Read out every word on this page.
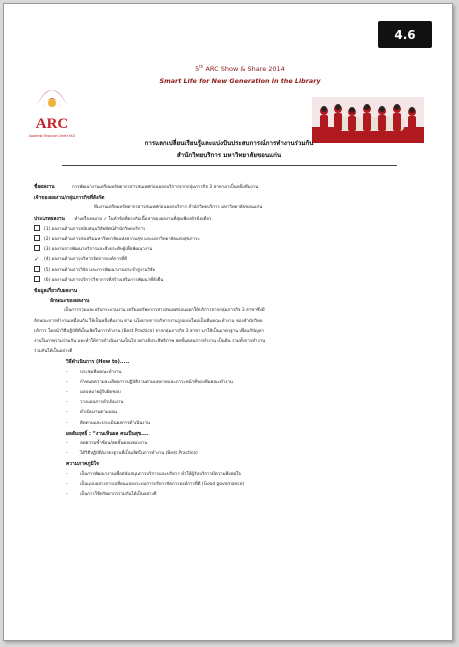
4.6
ARC
Academic Resource Center KKU
5th ARC Show & Share 2014
Smart Life for New Generation in the Library
การแลกเปลี่ยนเรียนรู้และแบ่งปันประสบการณ์การทำงานร่วมกัน
สำนักวิทยบริการ มหาวิทยาลัยขอนแก่น
ชื่อผลงาน	การพัฒนางานเตรียมทรัพยากรสารสนเทศก่อนออกบริการจากกลุ่มภารกิจ 3 สาขามาเป็นหนึ่งทีมงาน
เจ้าของผลงาน/กลุ่มภารกิจที่สังกัด
ทีมงานเตรียมทรัพยากรสารสนเทศก่อนออกบริการ สำนักวิทยบริการ มหาวิทยาลัยขอนแก่น
ประเภทผลงาน ทำเครื่องหมาย ✓ ในหัวข้อที่ตรงกับเนื้อหาของผลงานที่สุดเพียงหัวข้อเดียว
(1) ผลงานด้านการสนับสนุนวิสัยทัศน์สำนักวิทยบริการ
(2) ผลงานด้านการส่งเสริมมหาวิทยาลัยแห่งความสุข และมหาวิทยาลัยแห่งสุขภาวะ
(3) ผลงานการพัฒนาบริการและสิ่งประดิษฐ์เพื่อพัฒนางาน
✓ (4) ผลงานด้านการบริหารจัดการองค์การที่ดี
(5) ผลงานด้านการวิจัย และการพัฒนางานประจำสู่งานวิจัย
(6) ผลงานด้านการบริการวิชาการที่สร้างเสริมการพัฒนาที่ยั่งยืน
ข้อมูลเกี่ยวกับผลงาน
ลักษณะของผลงาน
เป็นการรวมและปรับกระบวนงาน เตรียมทรัพยากรสารสนเทศก่อนออกให้บริการจากกลุ่มภารกิจ 3 สาขาซึ่งมี
ลักษณะการทำงานเหมือนกัน ให้เป็นหนึ่งทีมงาน ตาม นโยบายการบริหารงานรูปแบบใหม่เป็นทีมคณะทำงาน ของสำนักวิทย
บริการ โดยนำวิธีปฏิบัติที่เป็นเลิศในการทำงาน (Best Practice) จากกลุ่มภารกิจ 3 สาขา มาใช้เป็นมาตรฐาน เพื่อแก้ปัญหา
งานในภาพรวมร่วมกัน และทำให้การดำเนินงานเป็นไป อย่างมีประสิทธิภาพ ลดขั้นตอนการทำงาน เป็นต้น รวมทั้งการทำงาน
ร่วมกันได้เป็นอย่างดี
วิธีดำเนินการ (How to).....
-	ประชุมทีมคณะทำงาน
-	กำหนดความละเอียดการปฏิบัติงานตามบทบาทและภาระหน้าที่ของทีมคณะทำงาน
-	มอบหมายผู้รับผิดชอบ
-	วางแผนการดำเนินงาน
-	ดำเนินงานตามแผน
-	ติดตามและประเมินผลการดำเนินงาน
ผลสัมฤทธิ์ : “งานเห็นผล คนเป็นสุข....
-	ลดความซ้ำซ้อน/ลดขั้นตอนของงาน
-	ได้วิธีปฏิบัติ/มาตรฐานที่เป็นเลิศในการทำงาน (Best Practice)
ความภาคภูมิใจ
-	เป็นการพัฒนางานเพื่อสนับสนุนการบริการและบริหาร ทำให้ผู้รับบริการมีความพึงพอใจ
-	เป็นแบบอย่างการเปลี่ยนแปลงระบบการบริหารจัดการองค์การที่ดี (Good governance)
-	เป็นการใช้ทรัพยากรร่วมกันได้เป็นอย่างดี
